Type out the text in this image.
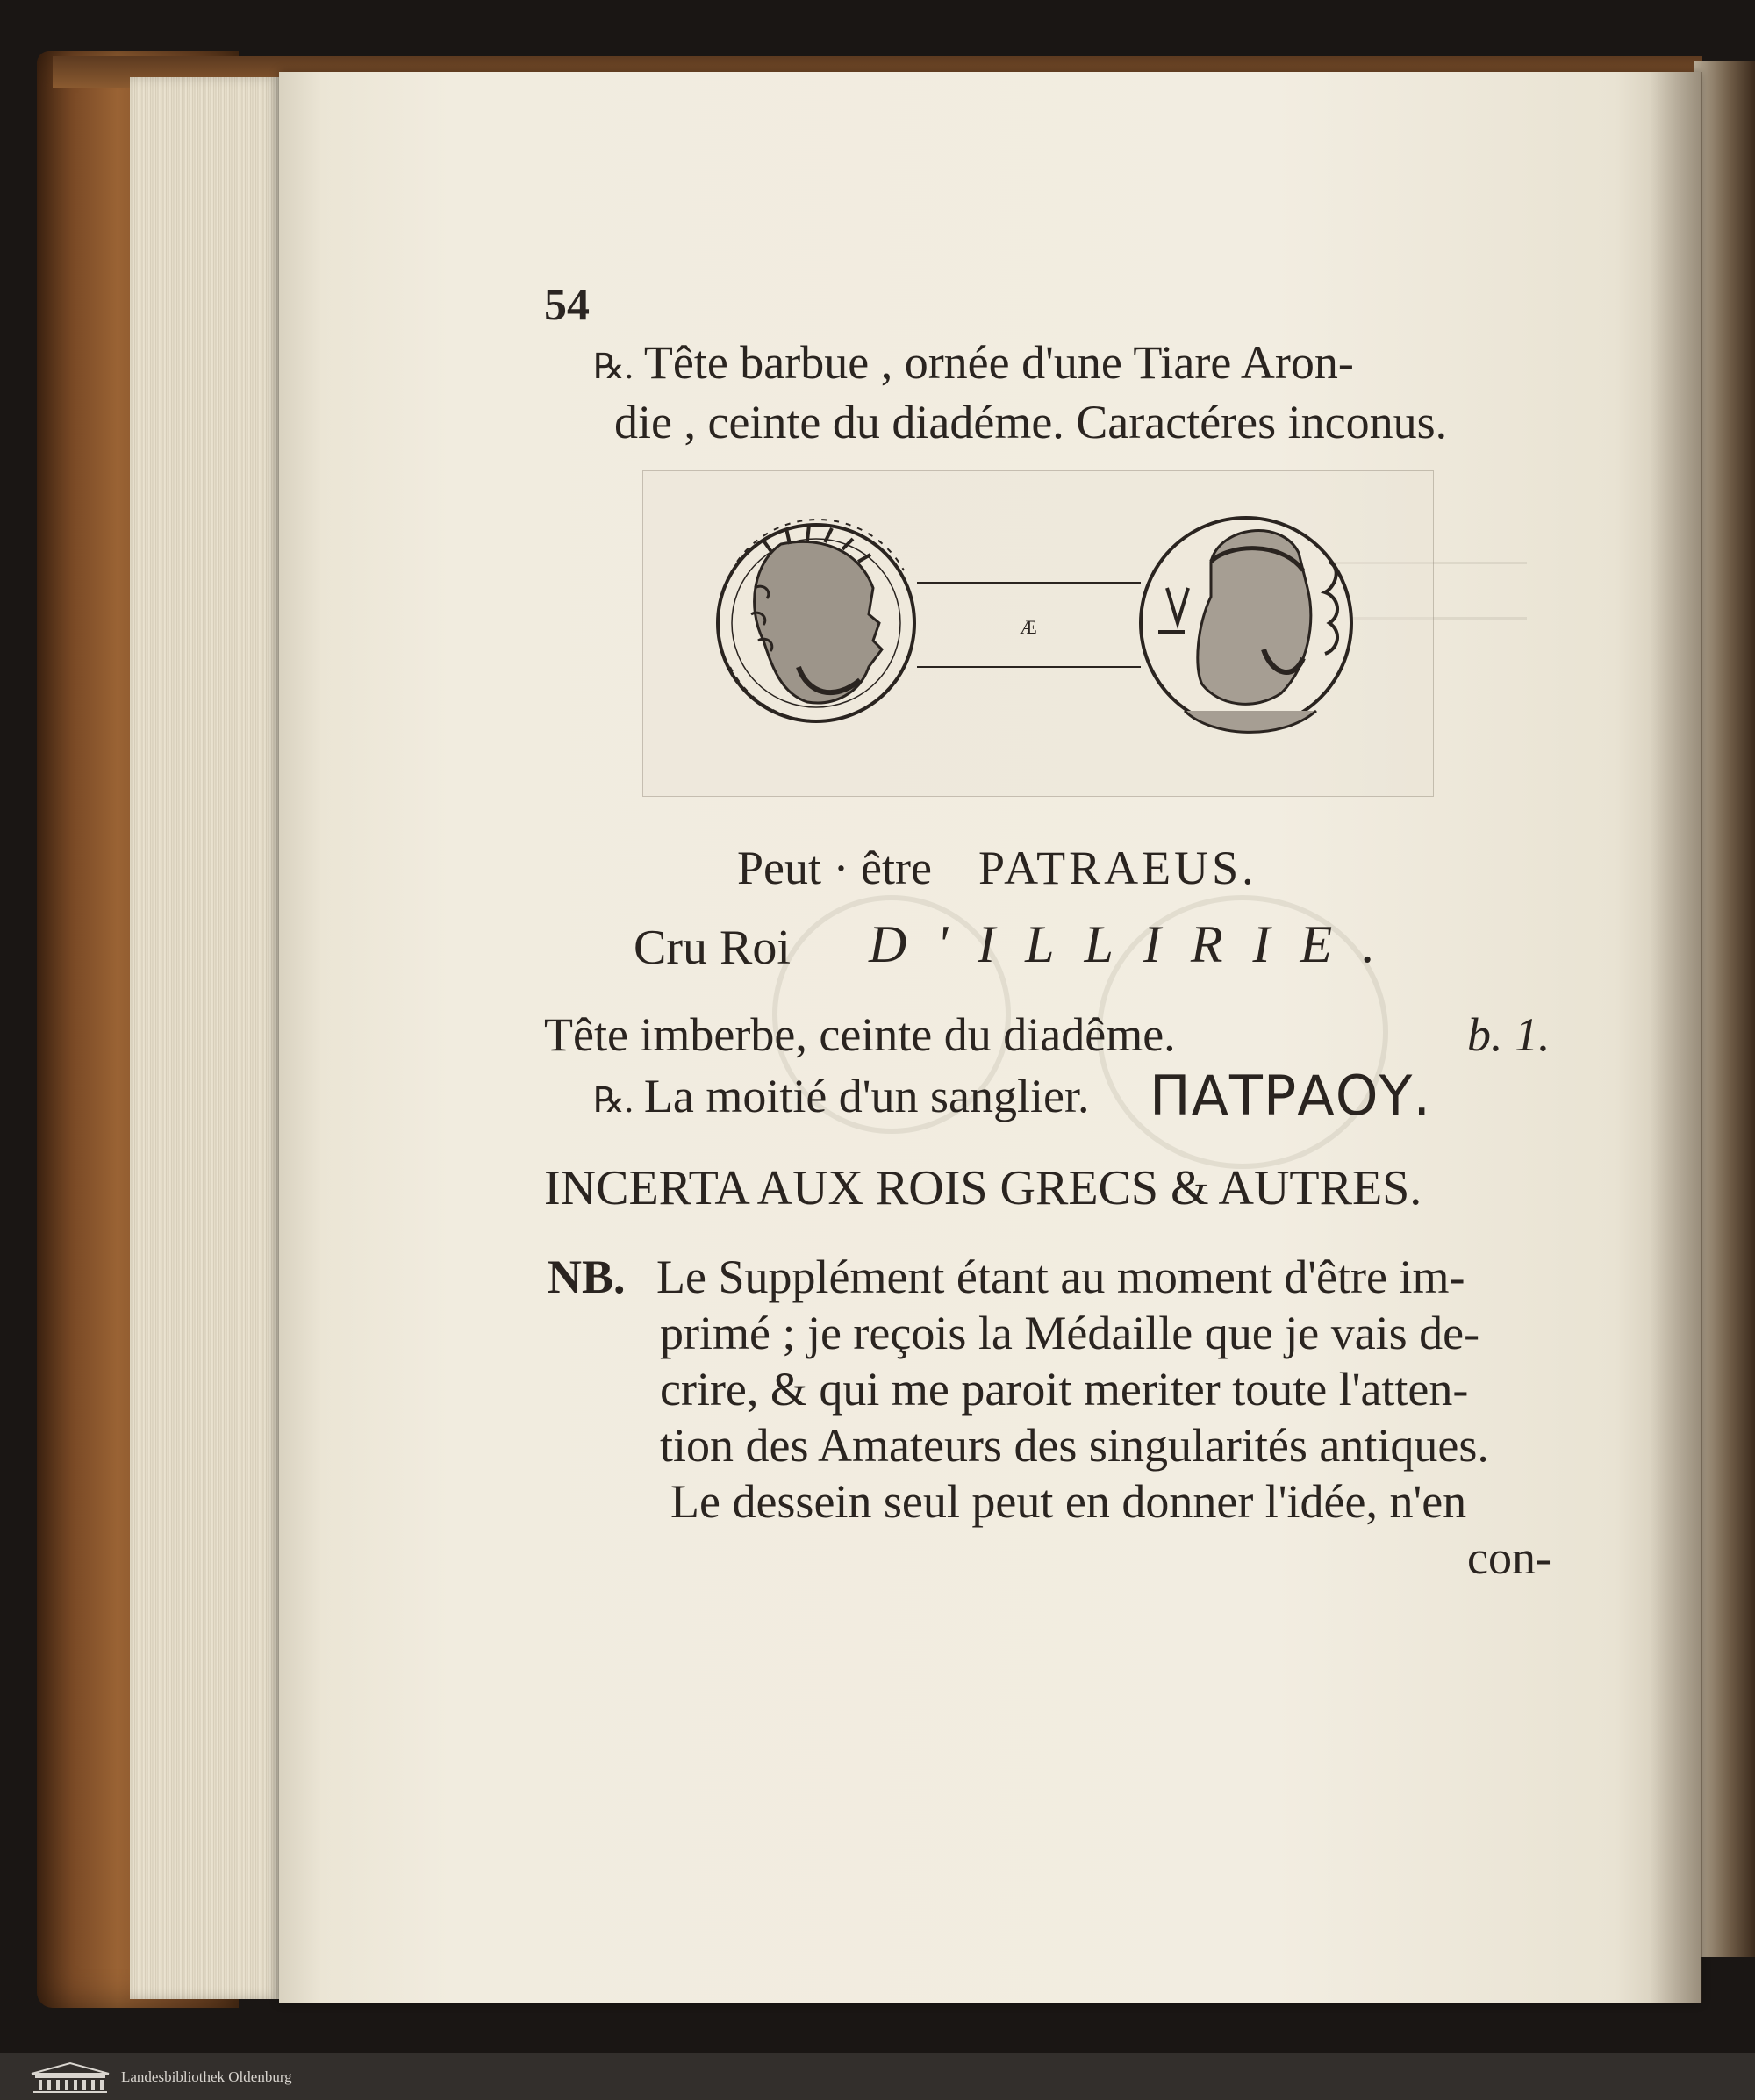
54
℞. Tête barbue , ornée d'une Tiare Aron-
die , ceinte du diadéme. Caractéres inconus.
Æ
Peut · être PATRAEUS.
Cru Roi D'ILLIRIE.
Tête imberbe, ceinte du diadême.	b. 1.
℞. La moitié d'un sanglier. ΠΑΤΡΑΟΥ.
INCERTA AUX ROIS GRECS & AUTRES.
NB. Le Supplément étant au moment d'être im-
primé ; je reçois la Médaille que je vais de-
crire, & qui me paroit meriter toute l'atten-
tion des Amateurs des singularités antiques.
Le dessein seul peut en donner l'idée, n'en
con-
Landesbibliothek Oldenburg
